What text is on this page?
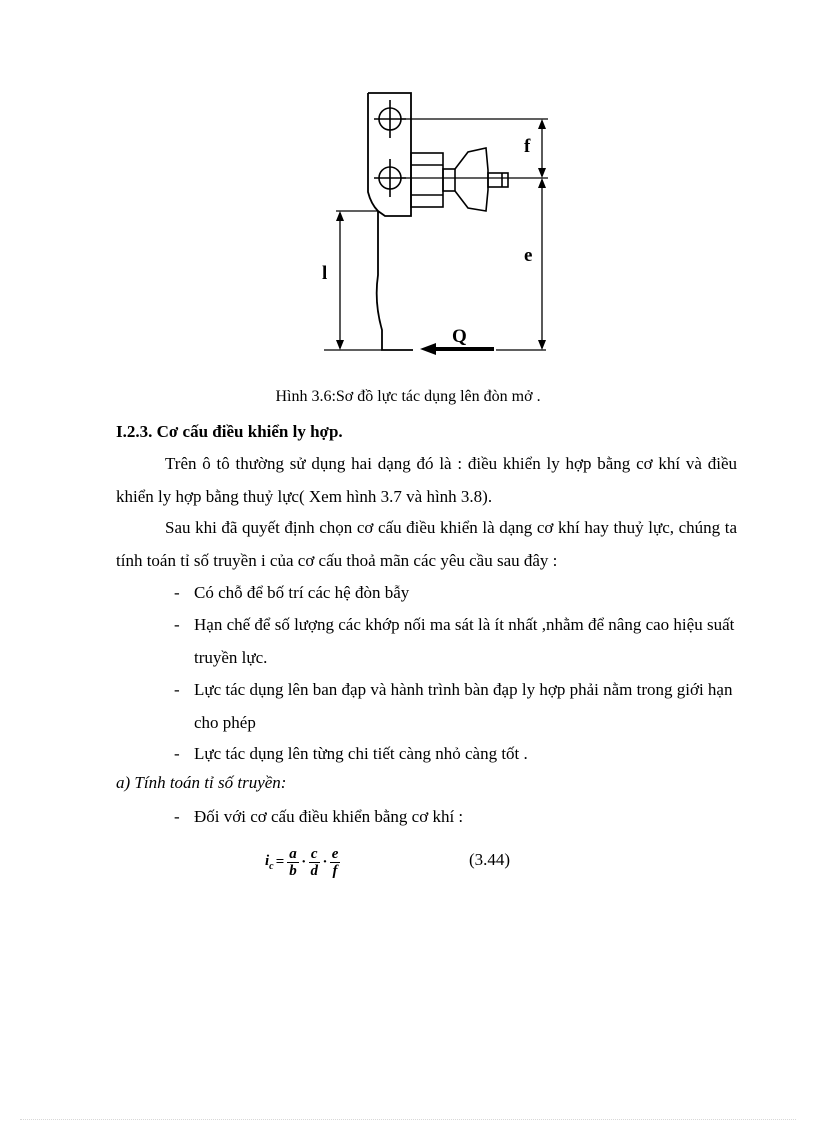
f
e
l
Q
Hình 3.6:Sơ đồ lực tác dụng lên đòn mở .
I.2.3. Cơ cấu điều khiển ly hợp.

Trên ô tô thường sử dụng hai dạng đó là : điều khiển ly hợp bằng cơ khí và điều khiển ly hợp bằng thuỷ lực( Xem hình 3.7 và hình 3.8).

Sau khi đã quyết định chọn cơ cấu điều khiển là dạng cơ khí hay thuỷ lực, chúng ta tính toán tỉ số truyền i của cơ cấu thoả mãn các yêu cầu sau đây :

- Có chỗ để bố trí các hệ đòn bẫy
- Hạn chế để số lượng các khớp nối ma sát là ít nhất ,nhằm để nâng cao hiệu suất truyền lực.
- Lực tác dụng lên ban đạp và hành trình bàn đạp ly hợp phải nằm trong giới hạn cho phép
- Lực tác dụng lên từng chi tiết càng nhỏ càng tốt .
a) Tính toán tỉ số truyền:
- Đối với cơ cấu điều khiển bằng cơ khí :
$i_c = \frac{a}{b} \cdot \frac{c}{d} \cdot \frac{e}{f}$	(3.44)
